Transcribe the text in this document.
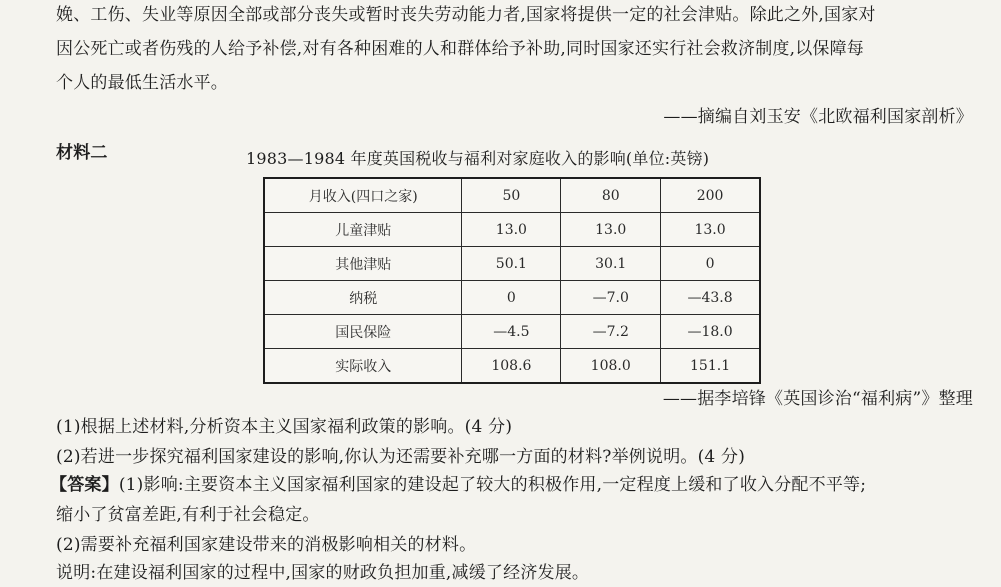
娩、工伤、失业等原因全部或部分丧失或暂时丧失劳动能力者,国家将提供一定的社会津贴。除此之外,国家对
因公死亡或者伤残的人给予补偿,对有各种困难的人和群体给予补助,同时国家还实行社会救济制度,以保障每
个人的最低生活水平。
——摘编自刘玉安《北欧福利国家剖析》
材料二	1983—1984 年度英国税收与福利对家庭收入的影响(单位:英镑)
月收入(四口之家)	50	80	200
儿童津贴	13.0	13.0	13.0
其他津贴	50.1	30.1	0
纳税	0	—7.0	—43.8
国民保险	—4.5	—7.2	—18.0
实际收入	108.6	108.0	151.1
——据李培锋《英国诊治“福利病”》整理
(1)根据上述材料,分析资本主义国家福利政策的影响。(4 分)
(2)若进一步探究福利国家建设的影响,你认为还需要补充哪一方面的材料?举例说明。(4 分)
【答案】(1)影响:主要资本主义国家福利国家的建设起了较大的积极作用,一定程度上缓和了收入分配不平等;
缩小了贫富差距,有利于社会稳定。
(2)需要补充福利国家建设带来的消极影响相关的材料。
说明:在建设福利国家的过程中,国家的财政负担加重,减缓了经济发展。
